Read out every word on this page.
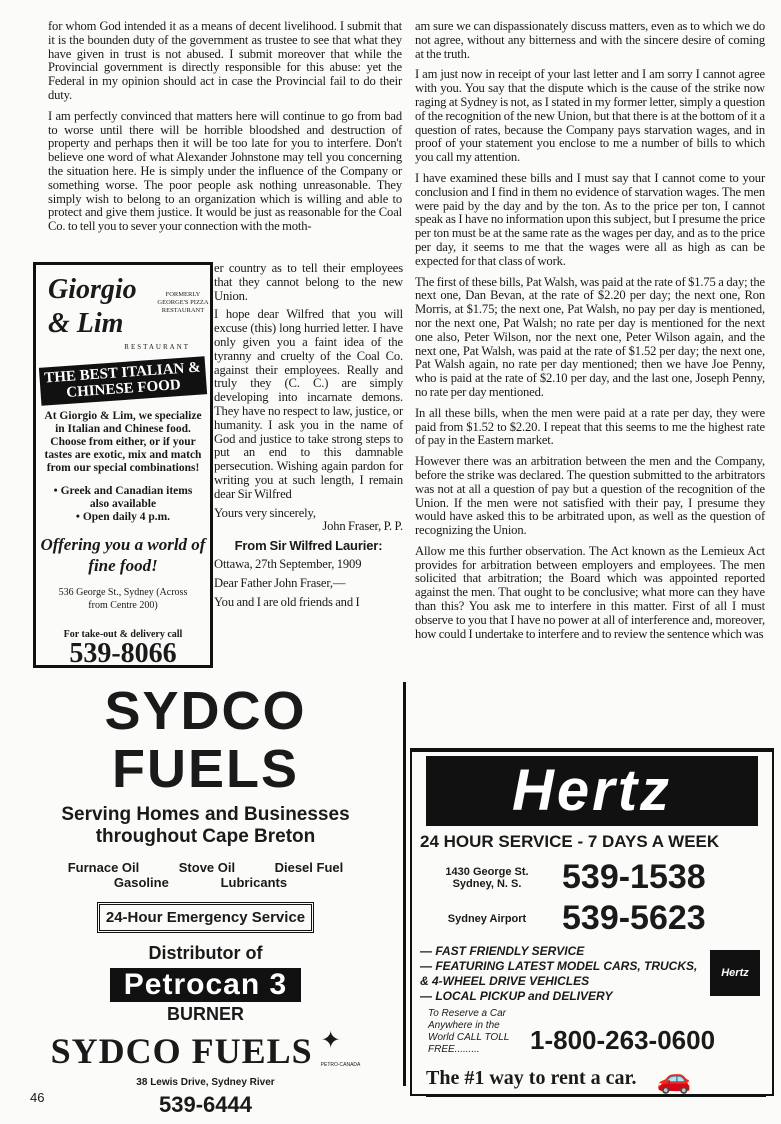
for whom God intended it as a means of decent livelihood. I submit that it is the bounden duty of the government as trustee to see that what they have given in trust is not abused. I submit moreover that while the Provincial government is directly responsible for this abuse: yet the Federal in my opinion should act in case the Provincial fail to do their duty.

I am perfectly convinced that matters here will continue to go from bad to worse until there will be horrible bloodshed and destruction of property and perhaps then it will be too late for you to interfere. Don't believe one word of what Alexander Johnstone may tell you concerning the situation here. He is simply under the influence of the Company or something worse. The poor people ask nothing unreasonable. They simply wish to belong to an organization which is willing and able to protect and give them justice. It would be just as reasonable for the Coal Co. to tell you to sever your connection with the moth-

Giorgio & Lim
FORMERLY GEORGE'S PIZZA RESTAURANT
RESTAURANT
THE BEST ITALIAN & CHINESE FOOD
At Giorgio & Lim, we specialize in Italian and Chinese food. Choose from either, or if your tastes are exotic, mix and match from our special combinations!
• Greek and Canadian items also available
• Open daily 4 p.m.
Offering you a world of fine food!
536 George St., Sydney (Across from Centre 200)
For take-out & delivery call
539-8066

er country as to tell their employees that they cannot belong to the new Union.

I hope dear Wilfred that you will excuse (this) long hurried letter. I have only given you a faint idea of the tyranny and cruelty of the Coal Co. against their employees. Really and truly they (C. C.) are simply developing into incarnate demons. They have no respect to law, justice, or humanity. I ask you in the name of God and justice to take strong steps to put an end to this damnable persecution. Wishing again pardon for writing you at such length, I remain dear Sir Wilfred

Yours very sincerely,

John Fraser, P. P.

From Sir Wilfred Laurier:

Ottawa, 27th September, 1909

Dear Father John Fraser,—

You and I are old friends and I

am sure we can dispassionately discuss matters, even as to which we do not agree, without any bitterness and with the sincere desire of coming at the truth.

I am just now in receipt of your last letter and I am sorry I cannot agree with you. You say that the dispute which is the cause of the strike now raging at Sydney is not, as I stated in my former letter, simply a question of the recognition of the new Union, but that there is at the bottom of it a question of rates, because the Company pays starvation wages, and in proof of your statement you enclose to me a number of bills to which you call my attention.

I have examined these bills and I must say that I cannot come to your conclusion and I find in them no evidence of starvation wages. The men were paid by the day and by the ton. As to the price per ton, I cannot speak as I have no information upon this subject, but I presume the price per ton must be at the same rate as the wages per day, and as to the price per day, it seems to me that the wages were all as high as can be expected for that class of work.

The first of these bills, Pat Walsh, was paid at the rate of $1.75 a day; the next one, Dan Bevan, at the rate of $2.20 per day; the next one, Ron Morris, at $1.75; the next one, Pat Walsh, no pay per day is mentioned, nor the next one, Pat Walsh; no rate per day is mentioned for the next one also, Peter Wilson, nor the next one, Peter Wilson again, and the next one, Pat Walsh, was paid at the rate of $1.52 per day; the next one, Pat Walsh again, no rate per day mentioned; then we have Joe Penny, who is paid at the rate of $2.10 per day, and the last one, Joseph Penny, no rate per day mentioned.

In all these bills, when the men were paid at a rate per day, they were paid from $1.52 to $2.20. I repeat that this seems to me the highest rate of pay in the Eastern market.

However there was an arbitration between the men and the Company, before the strike was declared. The question submitted to the arbitrators was not at all a question of pay but a question of the recognition of the Union. If the men were not satisfied with their pay, I presume they would have asked this to be arbitrated upon, as well as the question of recognizing the Union.

Allow me this further observation. The Act known as the Lemieux Act provides for arbitration between employers and employees. The men solicited that arbitration; the Board which was appointed reported against the men. That ought to be conclusive; what more can they have than this? You ask me to interfere in this matter. First of all I must observe to you that I have no power at all of interference and, moreover, how could I undertake to interfere and to review the sentence which was

SYDCO FUELS
Serving Homes and Businesses throughout Cape Breton
Furnace Oil	Stove Oil	Diesel Fuel
Gasoline	Lubricants
24-Hour Emergency Service
Distributor of
Petrocan 3
BURNER
SYDCO FUELS ✦
PETRO-CANADA
38 Lewis Drive, Sydney River
539-6444
Hertz
24 HOUR SERVICE - 7 DAYS A WEEK
1430 George St. Sydney, N. S.	539-1538
Sydney Airport 539-5623
— FAST FRIENDLY SERVICE
— FEATURING LATEST MODEL CARS, TRUCKS, & 4-WHEEL DRIVE VEHICLES
— LOCAL PICKUP and DELIVERY
Hertz
To Reserve a Car Anywhere in the World CALL TOLL FREE.........	1-800-263-0600
The #1 way to rent a car. 🚗
46
